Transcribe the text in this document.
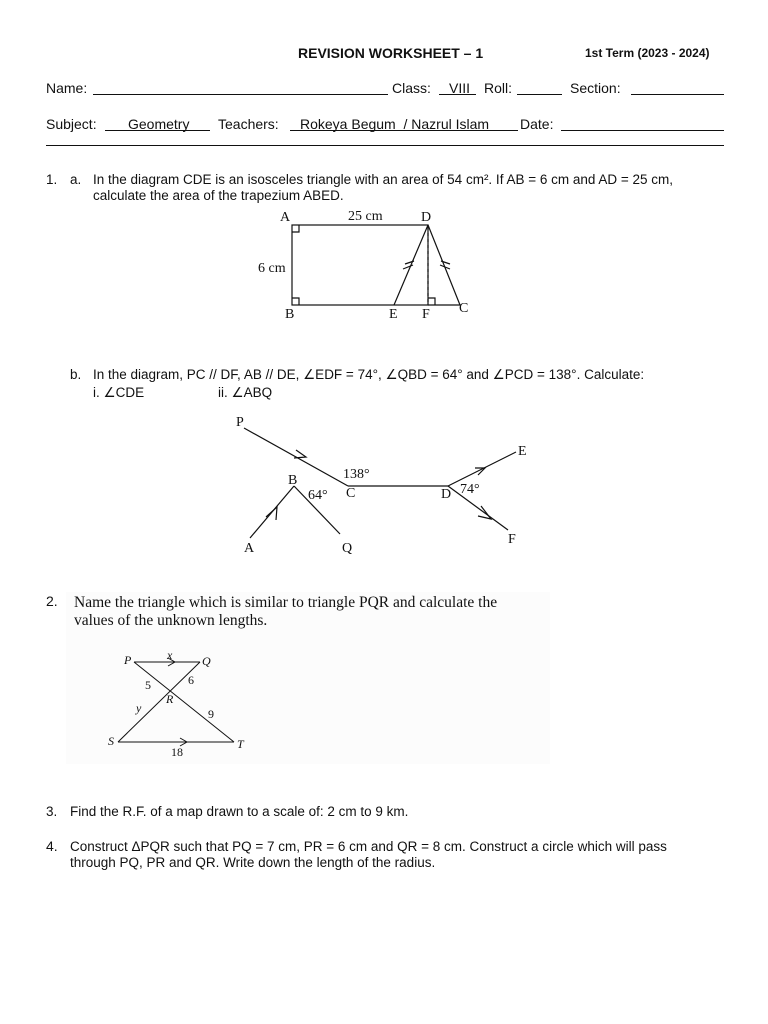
REVISION WORKSHEET – 1	1st Term (2023 - 2024)
Name:	Class: VIII Roll:	Section:
Subject: Geometry Teachers: Rokeya Begum  / Nazrul Islam Date:
1. a. In the diagram CDE is an isosceles triangle with an area of 54 cm². If AB = 6 cm and AD = 25 cm,
calculate the area of the trapezium ABED.
A
B
D
E F C
25 cm
6 cm
b. In the diagram, PC // DF, AB // DE, ∠EDF = 74°, ∠QBD = 64° and ∠PCD = 138°. Calculate:
i. ∠CDE	ii. ∠ABQ
P
B
C	D
E
F
A	Q
138°
64°	74°
2. Name the triangle which is similar to triangle PQR and calculate the
values of the unknown lengths.
P	Q
R
S	T
x
y
5	6
9
18
3. Find the R.F. of a map drawn to a scale of: 2 cm to 9 km.
4. Construct ΔPQR such that PQ = 7 cm, PR = 6 cm and QR = 8 cm. Construct a circle which will pass
through PQ, PR and QR. Write down the length of the radius.
